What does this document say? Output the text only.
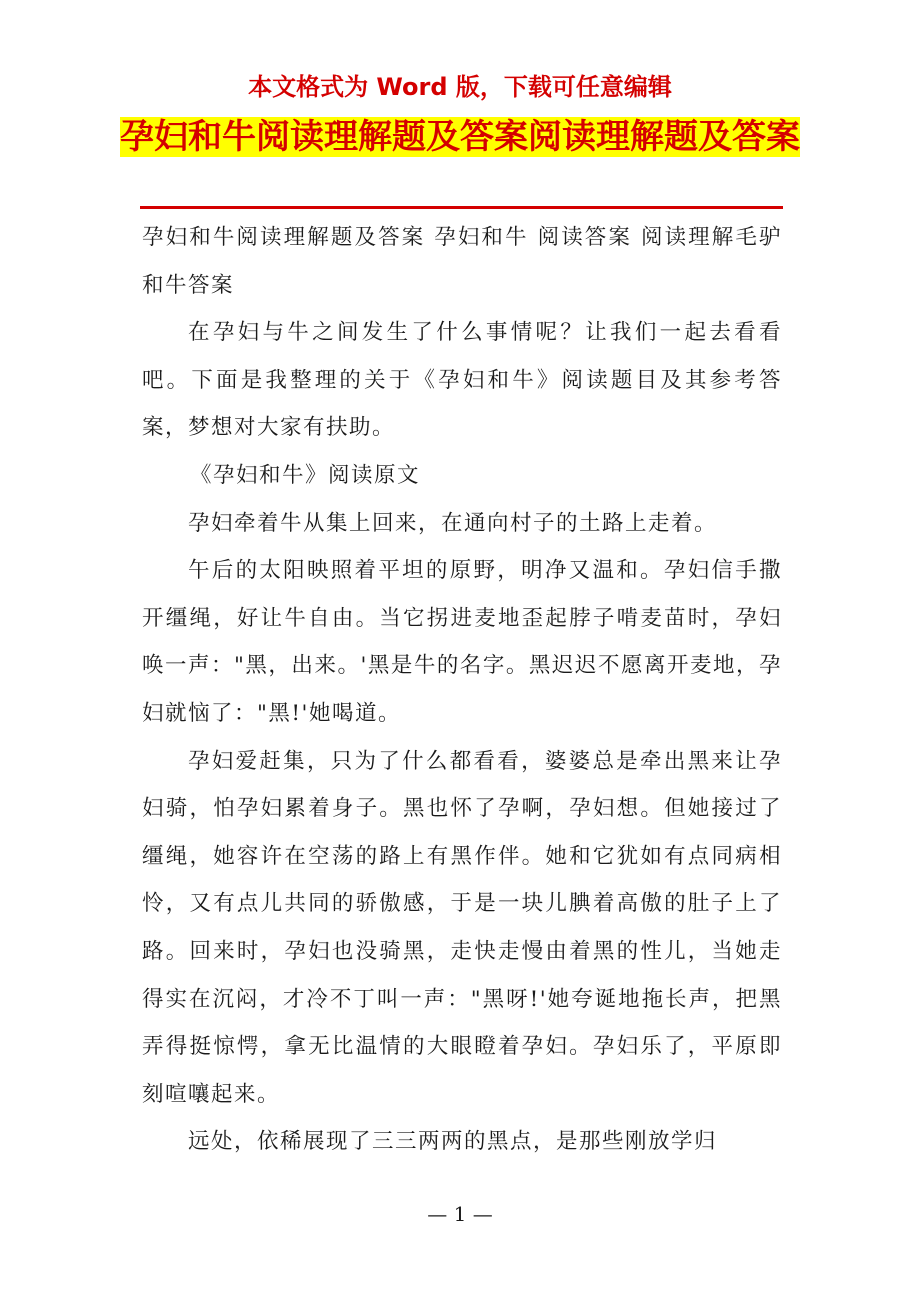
本文格式为 Word 版，下载可任意编辑
孕妇和牛阅读理解题及答案阅读理解题及答案

孕妇和牛阅读理解题及答案 孕妇和牛 阅读答案 阅读理解毛驴和牛答案

在孕妇与牛之间发生了什么事情呢？让我们一起去看看吧。下面是我整理的关于《孕妇和牛》阅读题目及其参考答案，梦想对大家有扶助。

《孕妇和牛》阅读原文

孕妇牵着牛从集上回来，在通向村子的土路上走着。

午后的太阳映照着平坦的原野，明净又温和。孕妇信手撒开缰绳，好让牛自由。当它拐进麦地歪起脖子啃麦苗时，孕妇唤一声："黑，出来。'黑是牛的名字。黑迟迟不愿离开麦地，孕妇就恼了："黑!'她喝道。

孕妇爱赶集，只为了什么都看看，婆婆总是牵出黑来让孕妇骑，怕孕妇累着身子。黑也怀了孕啊，孕妇想。但她接过了缰绳，她容许在空荡的路上有黑作伴。她和它犹如有点同病相怜，又有点儿共同的骄傲感，于是一块儿腆着高傲的肚子上了路。回来时，孕妇也没骑黑，走快走慢由着黑的性儿，当她走得实在沉闷，才冷不丁叫一声："黑呀!'她夸诞地拖长声，把黑弄得挺惊愕，拿无比温情的大眼瞪着孕妇。孕妇乐了，平原即刻喧嚷起来。

远处，依稀展现了三三两两的黑点，是那些刚放学归

— 1 —
